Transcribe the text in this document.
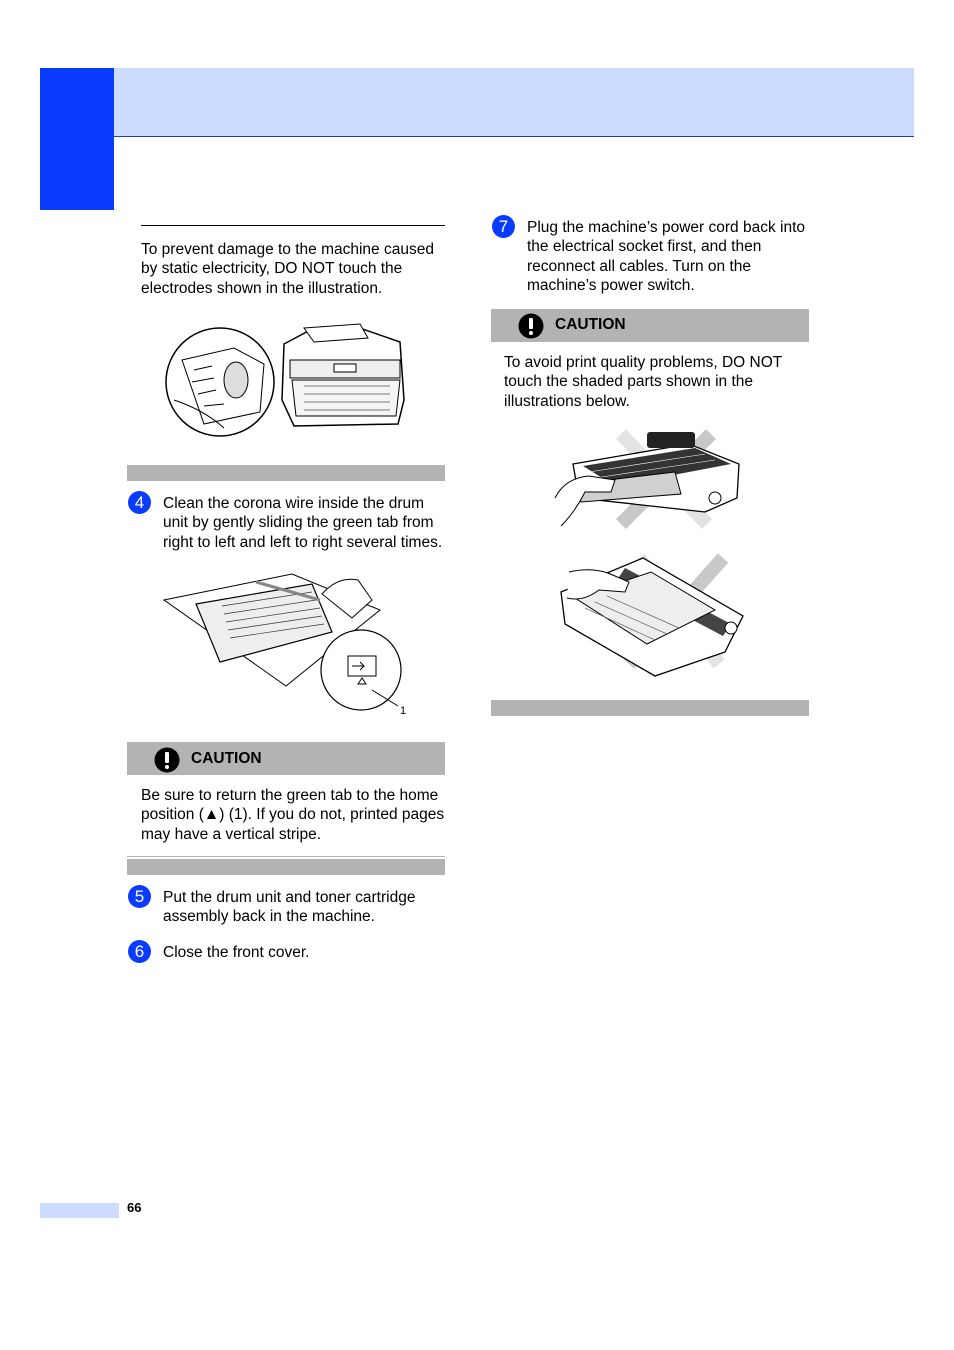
To prevent damage to the machine caused by static electricity, DO NOT touch the electrodes shown in the illustration.
4	Clean the corona wire inside the drum unit by gently sliding the green tab from right to left and left to right several times.
1
CAUTION
Be sure to return the green tab to the home position (▲) (1). If you do not, printed pages may have a vertical stripe.
5	Put the drum unit and toner cartridge assembly back in the machine.
6	Close the front cover.
7	Plug the machine’s power cord back into the electrical socket first, and then reconnect all cables. Turn on the machine’s power switch.
CAUTION
To avoid print quality problems, DO NOT touch the shaded parts shown in the illustrations below.
66
